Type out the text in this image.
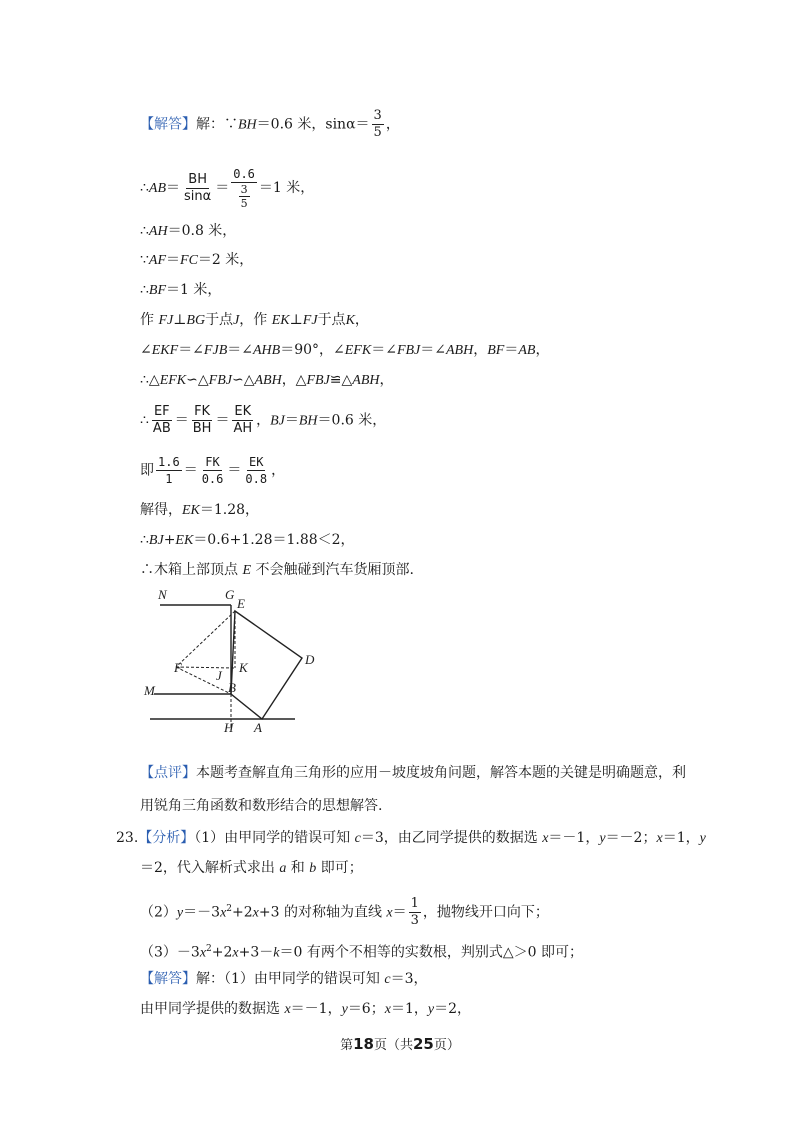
【解答】解：∵BH＝0.6 米，$\sin\alpha= \frac{3}{5}$ ，
∴AB＝ $\frac{BH}{\sin\alpha} = \frac{0.6}{\frac{3}{5}} =1$ 米，
∴AH＝0.8 米，
∵AF＝FC＝2 米，
∴BF＝1 米，
作 FJ⊥BG于点J，作 EK⊥FJ于点K，
∠EKF＝∠FJB＝∠AHB＝90°，∠EFK＝∠FBJ＝∠ABH，BF＝AB，
∴△EFK∽△FBJ∽△ABH，△FBJ≌△ABH，
∴ $\frac{EF}{AB} = \frac{FK}{BH} = \frac{EK}{AH}$ ，BJ＝BH＝0.6 米，
即 $\frac{1.6}{1} = \frac{FK}{0.6} = \frac{EK}{0.8}$ ，
解得，EK＝1.28，
∴BJ+EK＝0.6+1.28＝1.88＜2，
∴木箱上部顶点 E 不会触碰到汽车货厢顶部.
N	G
E
F	K
D
J
M	B
H A
【点评】本题考查解直角三角形的应用－坡度坡角问题，解答本题的关键是明确题意，利
用锐角三角函数和数形结合的思想解答.
23.【分析】（1）由甲同学的错误可知 c＝3，由乙同学提供的数据选 x＝－1，y＝－2；x＝1，y
＝2，代入解析式求出 a 和 b 即可；
$(2)y=-3x^2+2x+3$ 的对称轴为直线 $x= \frac{1}{3}$ ，抛物线开口向下；
$(3)-3x^2+2x+3-k=0$ 有两个不相等的实数根，判别式△＞0 即可；
【解答】解：（1）由甲同学的错误可知 c＝3，
由甲同学提供的数据选 x＝－1，y＝6；x＝1，y＝2，
第18页（共25页）
